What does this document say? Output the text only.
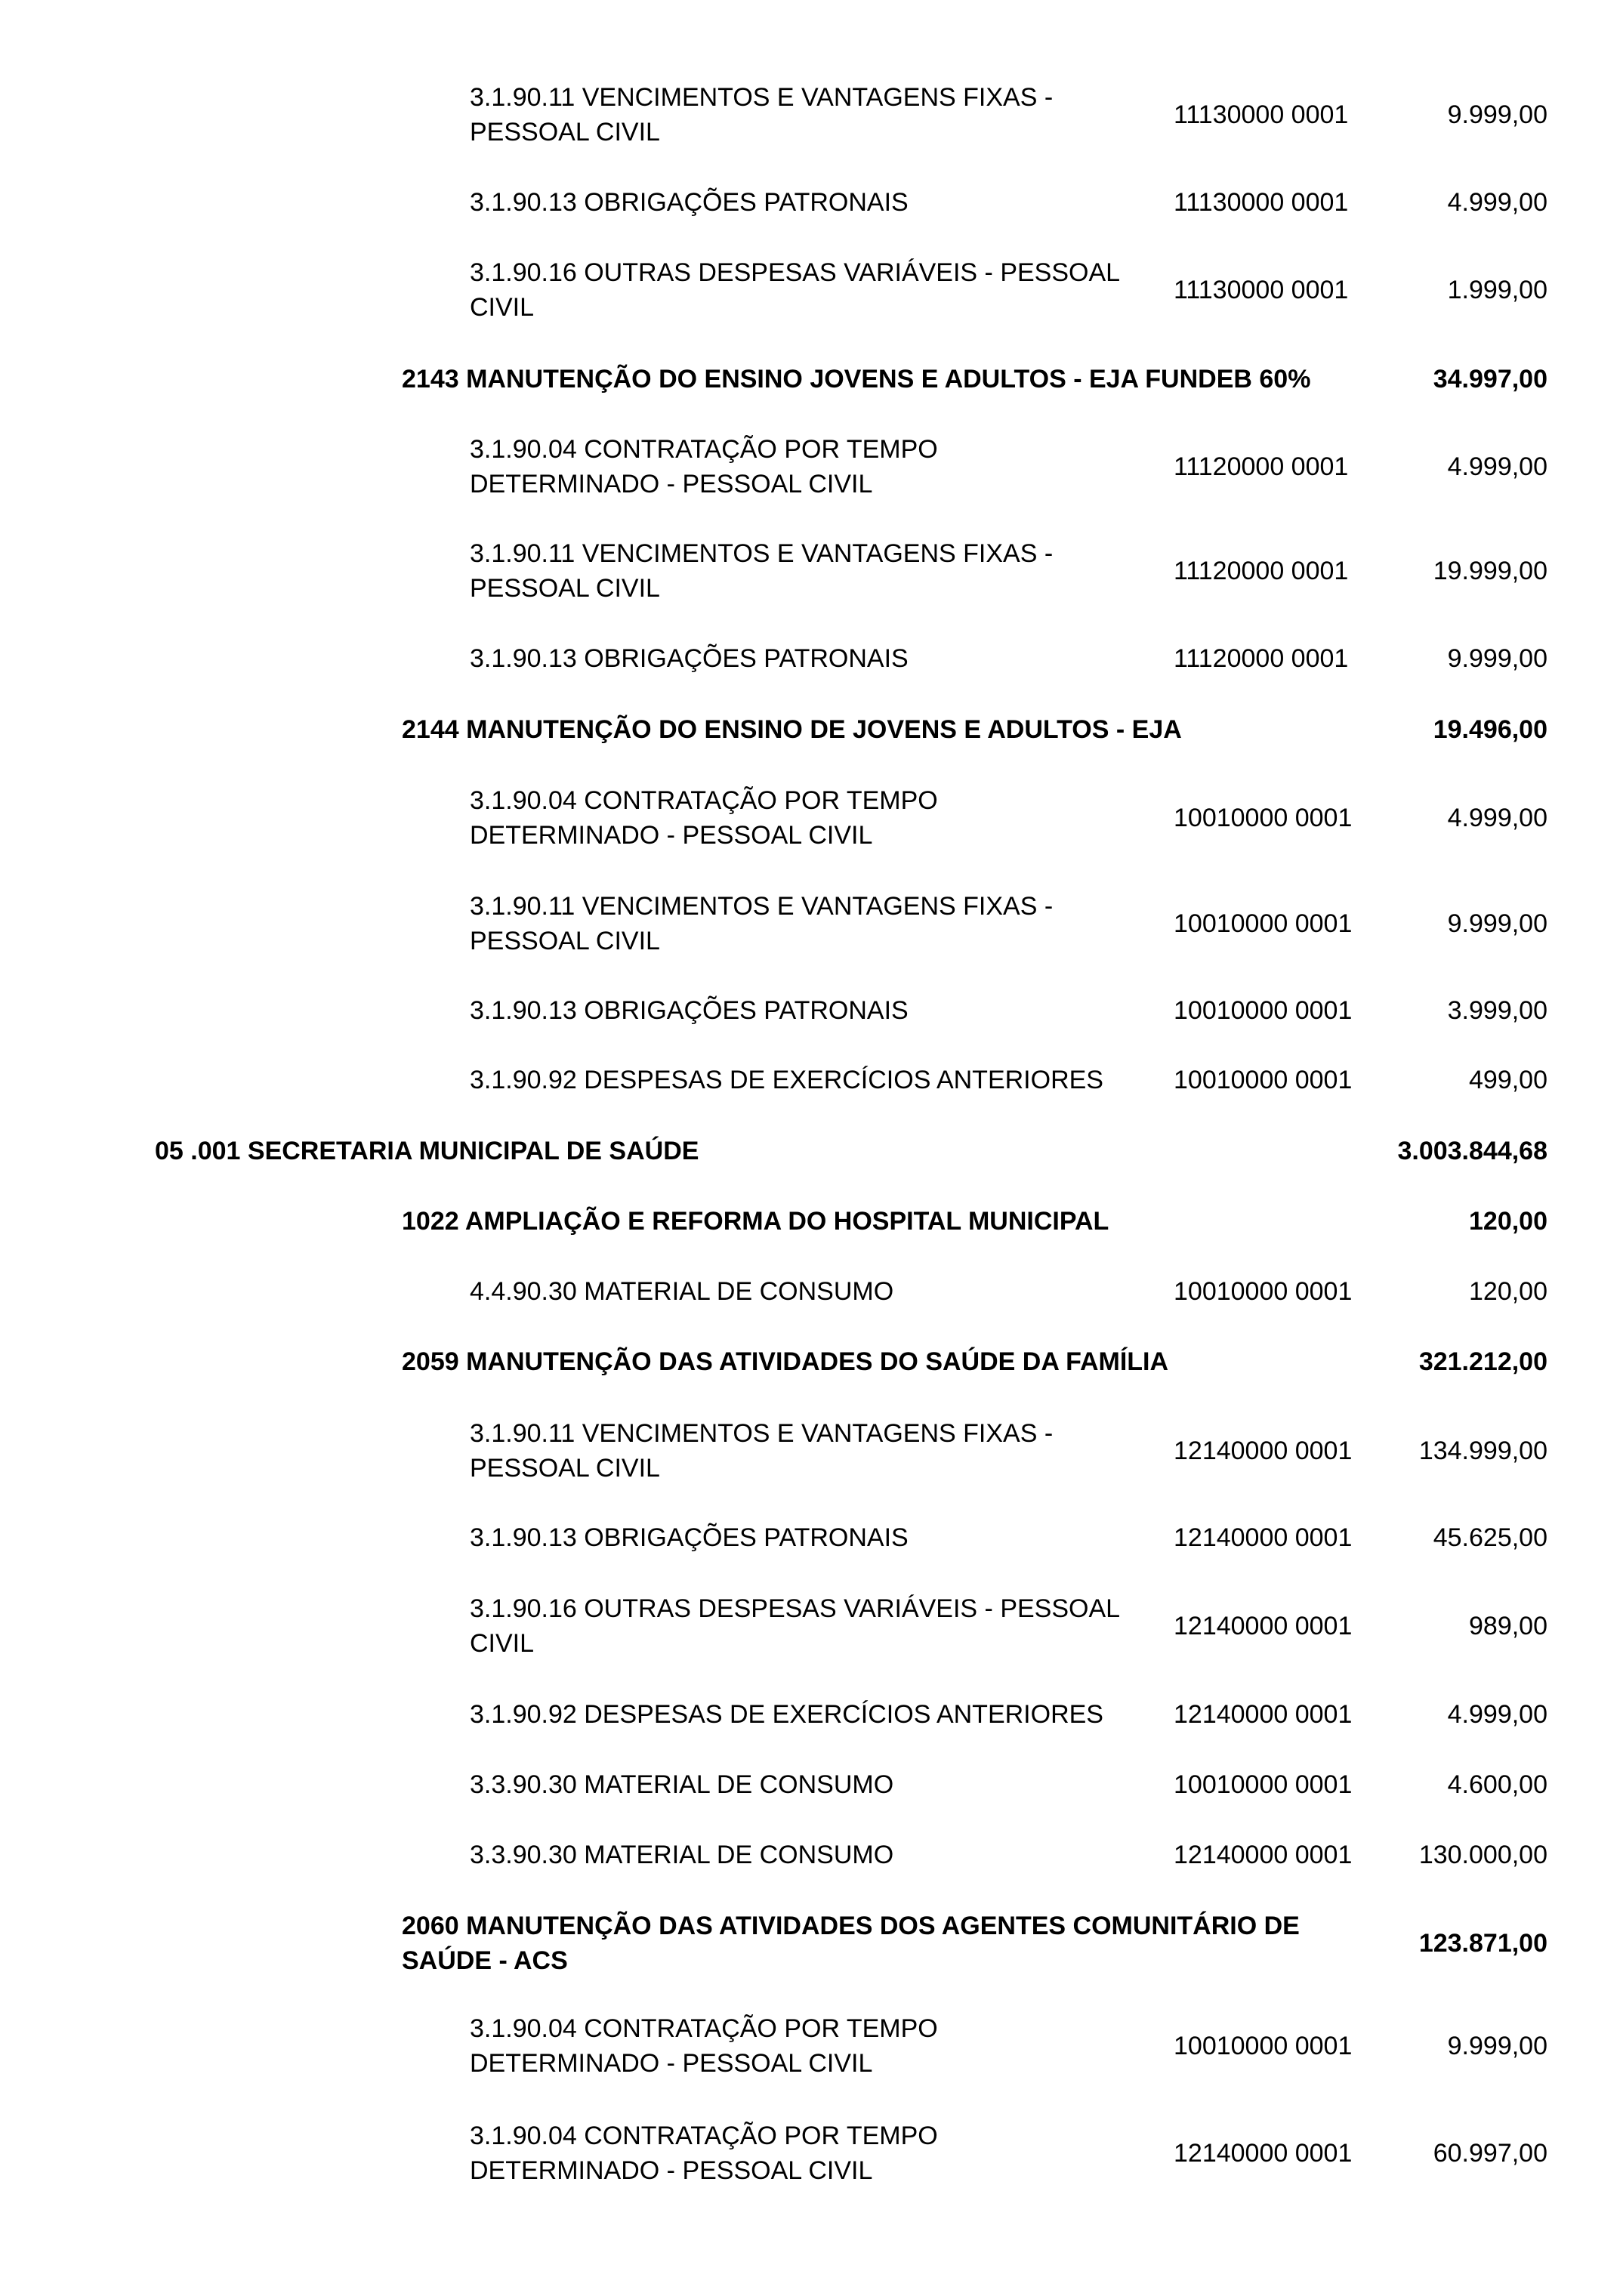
3.1.90.11 VENCIMENTOS E VANTAGENS FIXAS -
PESSOAL CIVIL
11130000 0001	9.999,00
3.1.90.13 OBRIGAÇÕES PATRONAIS	11130000 0001	4.999,00
3.1.90.16 OUTRAS DESPESAS VARIÁVEIS - PESSOAL
CIVIL
11130000 0001	1.999,00
2143 MANUTENÇÃO DO ENSINO JOVENS E ADULTOS - EJA FUNDEB 60%	34.997,00
3.1.90.04 CONTRATAÇÃO POR TEMPO
DETERMINADO - PESSOAL CIVIL
11120000 0001	4.999,00
3.1.90.11 VENCIMENTOS E VANTAGENS FIXAS -
PESSOAL CIVIL
11120000 0001	19.999,00
3.1.90.13 OBRIGAÇÕES PATRONAIS	11120000 0001	9.999,00
2144 MANUTENÇÃO DO ENSINO DE JOVENS E ADULTOS - EJA	19.496,00
3.1.90.04 CONTRATAÇÃO POR TEMPO
DETERMINADO - PESSOAL CIVIL
10010000 0001	4.999,00
3.1.90.11 VENCIMENTOS E VANTAGENS FIXAS -
PESSOAL CIVIL
10010000 0001	9.999,00
3.1.90.13 OBRIGAÇÕES PATRONAIS	10010000 0001	3.999,00
3.1.90.92 DESPESAS DE EXERCÍCIOS ANTERIORES	10010000 0001	499,00
05 .001 SECRETARIA MUNICIPAL DE SAÚDE	3.003.844,68
1022 AMPLIAÇÃO E REFORMA DO HOSPITAL MUNICIPAL	120,00
4.4.90.30 MATERIAL DE CONSUMO	10010000 0001	120,00
2059 MANUTENÇÃO DAS ATIVIDADES DO SAÚDE DA FAMÍLIA	321.212,00
3.1.90.11 VENCIMENTOS E VANTAGENS FIXAS -
PESSOAL CIVIL
12140000 0001	134.999,00
3.1.90.13 OBRIGAÇÕES PATRONAIS	12140000 0001	45.625,00
3.1.90.16 OUTRAS DESPESAS VARIÁVEIS - PESSOAL
CIVIL
12140000 0001	989,00
3.1.90.92 DESPESAS DE EXERCÍCIOS ANTERIORES	12140000 0001	4.999,00
3.3.90.30 MATERIAL DE CONSUMO	10010000 0001	4.600,00
3.3.90.30 MATERIAL DE CONSUMO	12140000 0001	130.000,00
2060 MANUTENÇÃO DAS ATIVIDADES DOS AGENTES COMUNITÁRIO DE
SAÚDE - ACS
123.871,00
3.1.90.04 CONTRATAÇÃO POR TEMPO
DETERMINADO - PESSOAL CIVIL
10010000 0001	9.999,00
3.1.90.04 CONTRATAÇÃO POR TEMPO
DETERMINADO - PESSOAL CIVIL
12140000 0001	60.997,00
